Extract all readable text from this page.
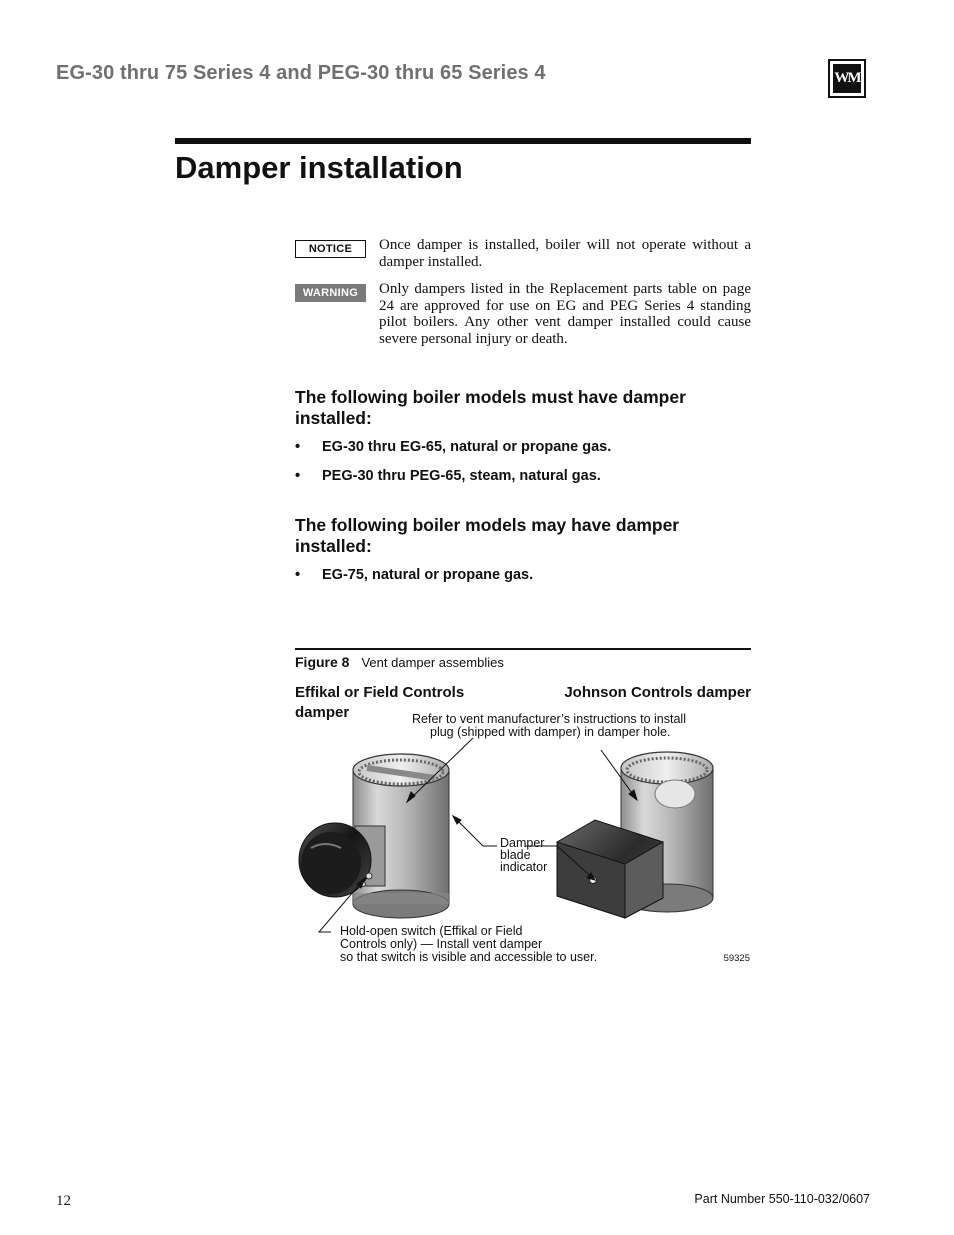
EG-30 thru 75 Series 4 and PEG-30 thru 65 Series 4	WM
Damper installation
NOTICE	Once damper is installed, boiler will not operate without a damper installed.
WARNING	Only dampers listed in the Replacement parts table on page 24 are approved for use on EG and PEG Series 4 standing pilot boilers. Any other vent damper installed could cause severe personal injury or death.
The following boiler models must have damper installed:
• EG-30 thru EG-65, natural or propane gas.
• PEG-30 thru PEG-65, steam, natural gas.
The following boiler models may have damper installed:
• EG-75, natural or propane gas.
Figure 8 Vent damper assemblies
Effikal or Field Controls damper
Johnson Controls damper
Refer to vent manufacturer’s instructions to install
plug (shipped with damper) in damper hole.
Damper
blade
indicator
Hold-open switch (Effikal or Field
Controls only) — Install vent damper
so that switch is visible and accessible to user.	59325
12	Part Number 550-110-032/0607
